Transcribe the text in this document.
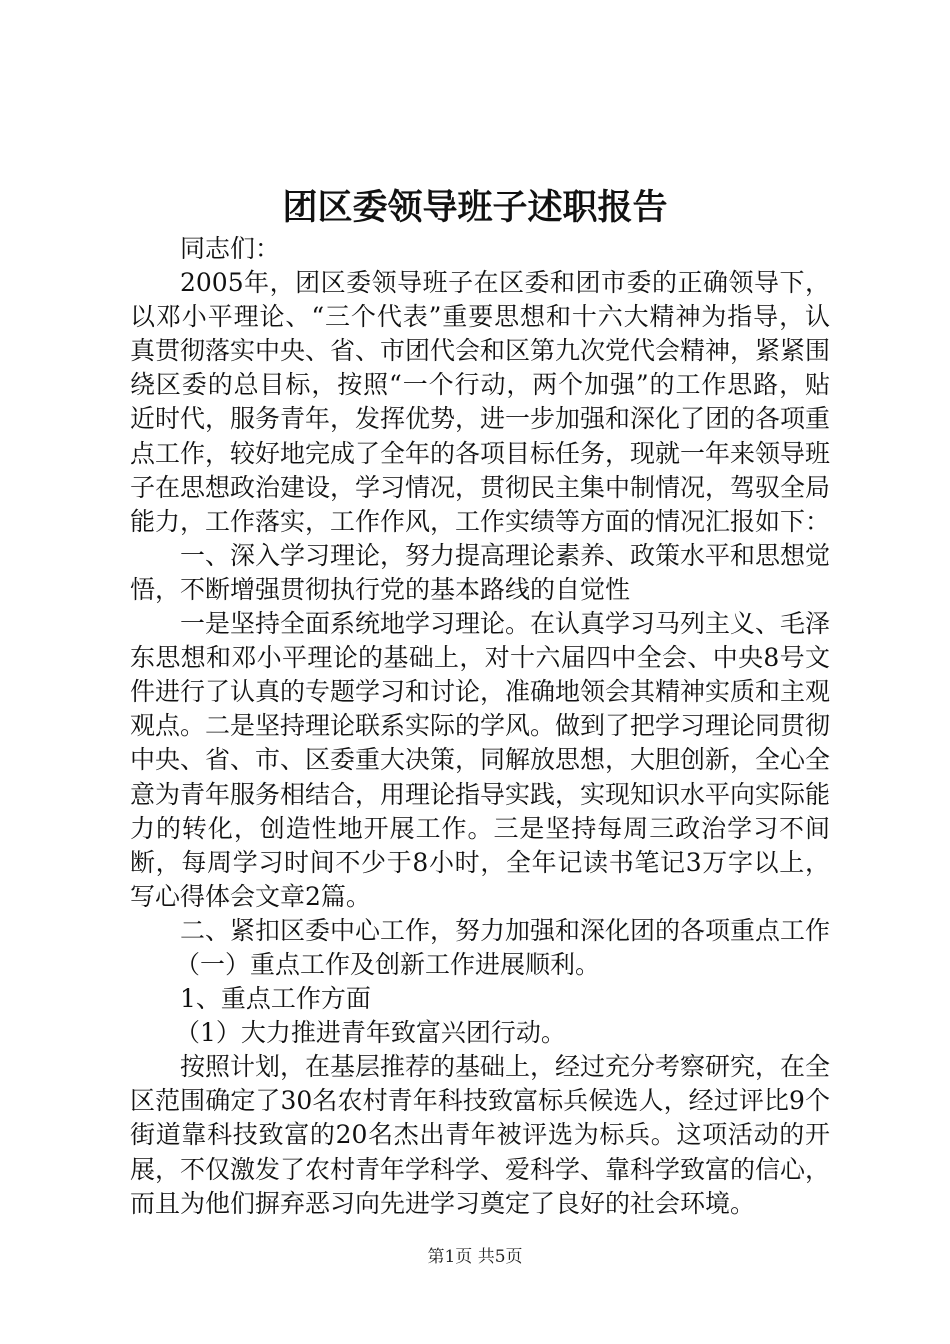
团区委领导班子述职报告

同志们：

2005年，团区委领导班子在区委和团市委的正确领导下，以邓小平理论、“三个代表”重要思想和十六大精神为指导，认真贯彻落实中央、省、市团代会和区第九次党代会精神，紧紧围绕区委的总目标，按照“一个行动，两个加强”的工作思路，贴近时代，服务青年，发挥优势，进一步加强和深化了团的各项重点工作，较好地完成了全年的各项目标任务，现就一年来领导班子在思想政治建设，学习情况，贯彻民主集中制情况，驾驭全局能力，工作落实，工作作风，工作实绩等方面的情况汇报如下：

一、深入学习理论，努力提高理论素养、政策水平和思想觉悟，不断增强贯彻执行党的基本路线的自觉性

一是坚持全面系统地学习理论。在认真学习马列主义、毛泽东思想和邓小平理论的基础上，对十六届四中全会、中央8号文件进行了认真的专题学习和讨论，准确地领会其精神实质和主观观点。二是坚持理论联系实际的学风。做到了把学习理论同贯彻中央、省、市、区委重大决策，同解放思想，大胆创新，全心全意为青年服务相结合，用理论指导实践，实现知识水平向实际能力的转化，创造性地开展工作。三是坚持每周三政治学习不间断，每周学习时间不少于8小时，全年记读书笔记3万字以上，写心得体会文章2篇。

二、紧扣区委中心工作，努力加强和深化团的各项重点工作

（一）重点工作及创新工作进展顺利。

1、重点工作方面

（1）大力推进青年致富兴团行动。

按照计划，在基层推荐的基础上，经过充分考察研究，在全区范围确定了30名农村青年科技致富标兵候选人，经过评比9个街道靠科技致富的20名杰出青年被评选为标兵。这项活动的开展，不仅激发了农村青年学科学、爱科学、靠科学致富的信心，而且为他们摒弃恶习向先进学习奠定了良好的社会环境。

第1页 共5页
